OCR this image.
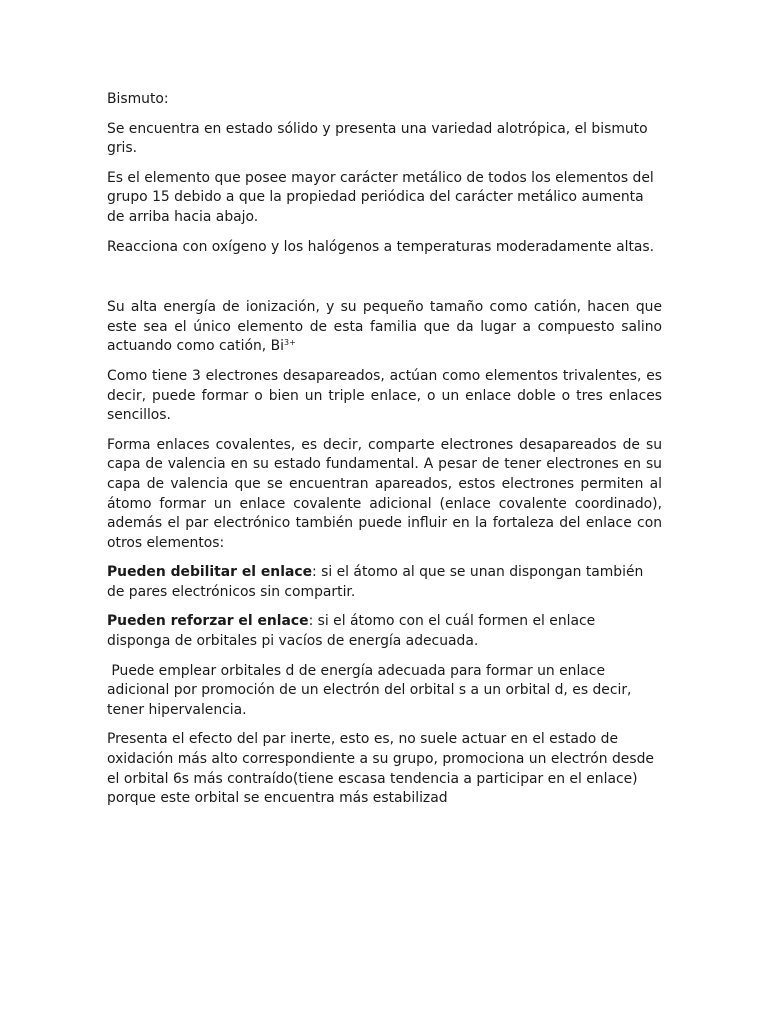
Bismuto:

Se encuentra en estado sólido y presenta una variedad alotrópica, el bismuto gris.

Es el elemento que posee mayor carácter metálico de todos los elementos del grupo 15 debido a que la propiedad periódica del carácter metálico aumenta de arriba hacia abajo.

Reacciona con oxígeno y los halógenos a temperaturas moderadamente altas.

Su alta energía de ionización, y su pequeño tamaño como catión, hacen que este sea el único elemento de esta familia que da lugar a compuesto salino actuando como catión, $Bi^{3+}$

Como tiene 3 electrones desapareados, actúan como elementos trivalentes, es decir, puede formar o bien un triple enlace, o un enlace doble o tres enlaces sencillos.

Forma enlaces covalentes, es decir, comparte electrones desapareados de su capa de valencia en su estado fundamental. A pesar de tener electrones en su capa de valencia que se encuentran apareados, estos electrones permiten al átomo formar un enlace covalente adicional (enlace covalente coordinado), además el par electrónico también puede influir en la fortaleza del enlace con otros elementos:

Pueden debilitar el enlace: si el átomo al que se unan dispongan también de pares electrónicos sin compartir.

Pueden reforzar el enlace: si el átomo con el cuál formen el enlace disponga de orbitales pi vacíos de energía adecuada.

Puede emplear orbitales d de energía adecuada para formar un enlace adicional por promoción de un electrón del orbital s a un orbital d, es decir, tener hipervalencia.

Presenta el efecto del par inerte, esto es, no suele actuar en el estado de oxidación más alto correspondiente a su grupo, promociona un electrón desde el orbital 6s más contraído(tiene escasa tendencia a participar en el enlace) porque este orbital se encuentra más estabilizad
